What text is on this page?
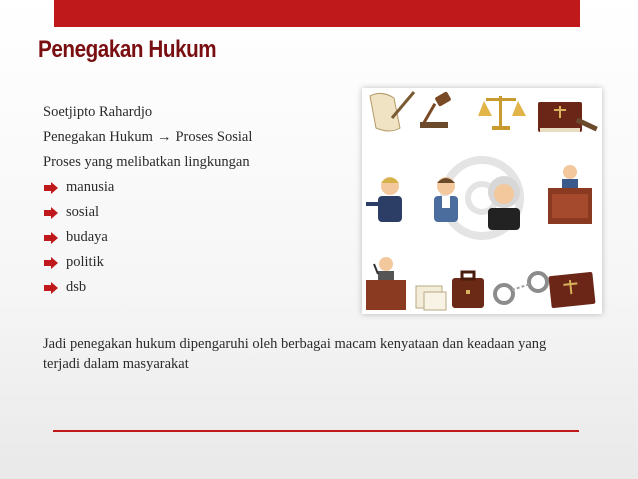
Penegakan Hukum
Soetjipto Rahardjo
Penegakan Hukum → Proses Sosial
Proses yang melibatkan lingkungan
manusia
sosial
budaya
politik
dsb
Jadi penegakan hukum dipengaruhi oleh berbagai macam kenyataan dan keadaan yang terjadi dalam masyarakat
